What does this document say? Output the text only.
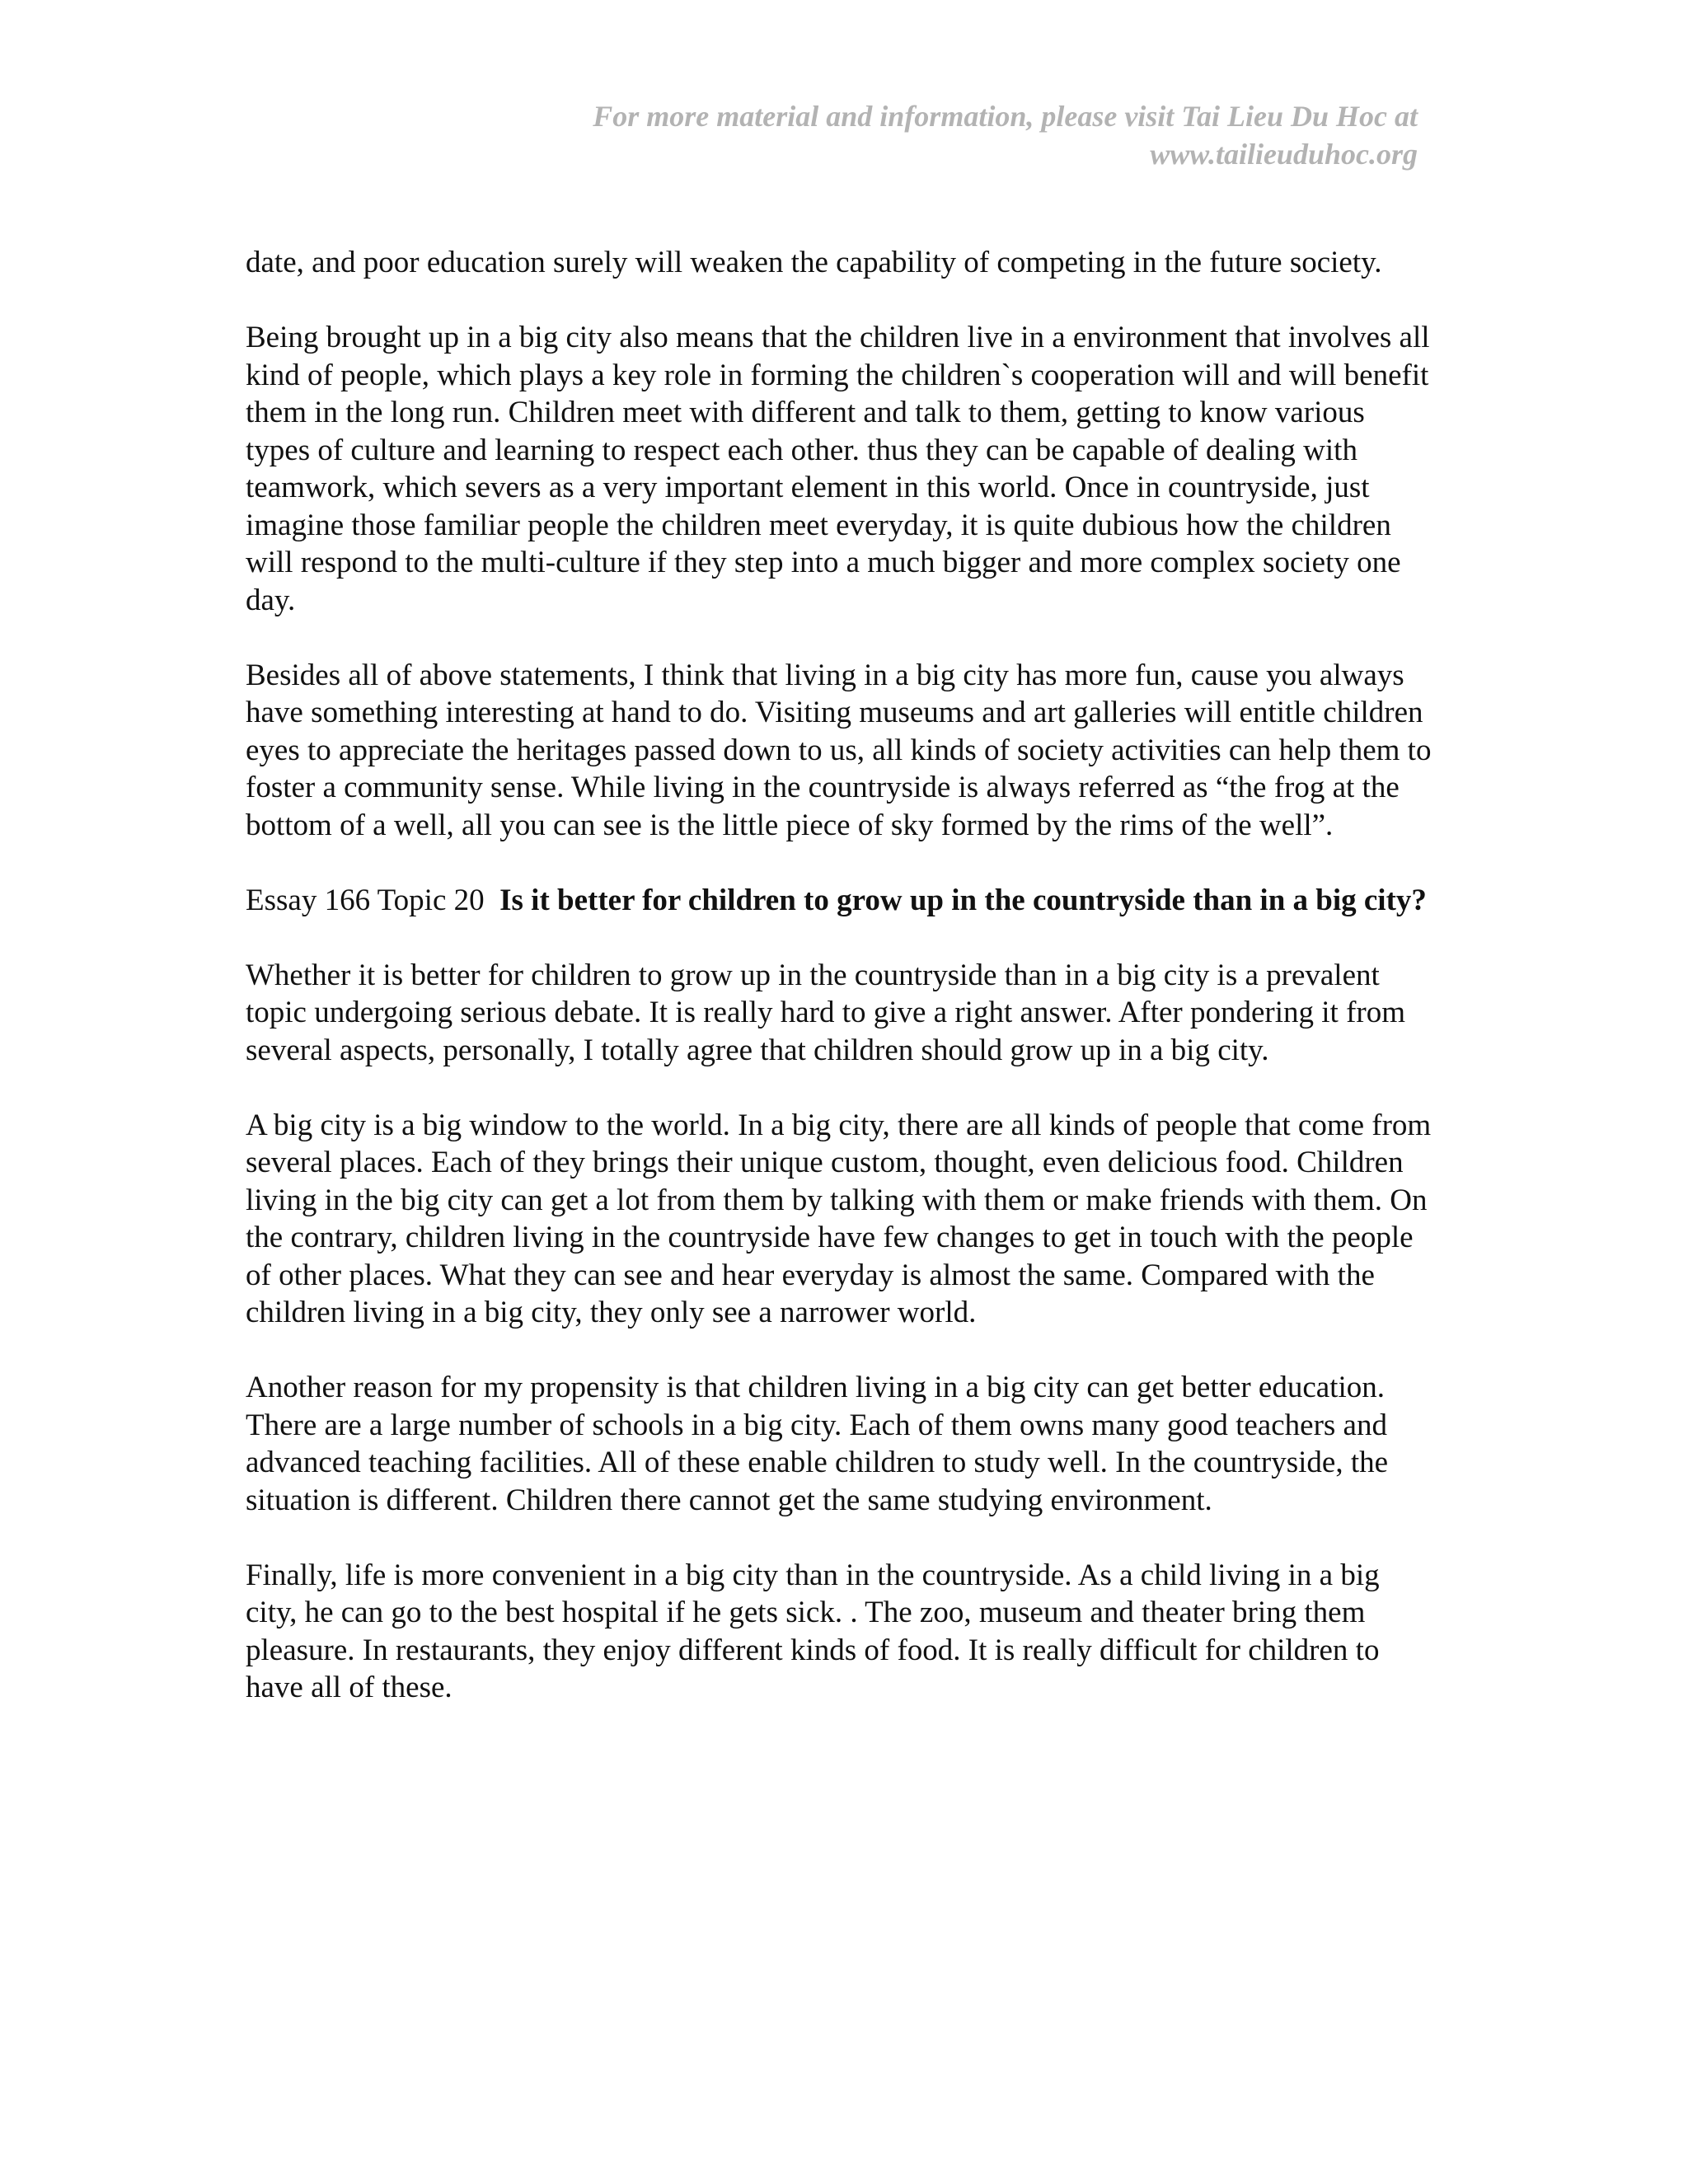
For more material and information, please visit Tai Lieu Du Hoc at
www.tailieuduhoc.org

date, and poor education surely will weaken the capability of competing in the future society.

Being brought up in a big city also means that the children live in a environment that involves all kind of people, which plays a key role in forming the children`s cooperation will and will benefit them in the long run. Children meet with different and talk to them, getting to know various types of culture and learning to respect each other. thus they can be capable of dealing with teamwork, which severs as a very important element in this world. Once in countryside, just imagine those familiar people the children meet everyday, it is quite dubious how the children will respond to the multi-culture if they step into a much bigger and more complex society one day.

Besides all of above statements, I think that living in a big city has more fun, cause you always have something interesting at hand to do. Visiting museums and art galleries will entitle children eyes to appreciate the heritages passed down to us, all kinds of society activities can help them to foster a community sense. While living in the countryside is always referred as “the frog at the bottom of a well, all you can see is the little piece of sky formed by the rims of the well”.

Essay 166 Topic 20 Is it better for children to grow up in the countryside than in a big city?

Whether it is better for children to grow up in the countryside than in a big city is a prevalent topic undergoing serious debate. It is really hard to give a right answer. After pondering it from several aspects, personally, I totally agree that children should grow up in a big city.

A big city is a big window to the world. In a big city, there are all kinds of people that come from several places. Each of they brings their unique custom, thought, even delicious food. Children living in the big city can get a lot from them by talking with them or make friends with them. On the contrary, children living in the countryside have few changes to get in touch with the people of other places. What they can see and hear everyday is almost the same. Compared with the children living in a big city, they only see a narrower world.

Another reason for my propensity is that children living in a big city can get better education. There are a large number of schools in a big city. Each of them owns many good teachers and advanced teaching facilities. All of these enable children to study well. In the countryside, the situation is different. Children there cannot get the same studying environment.

Finally, life is more convenient in a big city than in the countryside. As a child living in a big city, he can go to the best hospital if he gets sick. . The zoo, museum and theater bring them pleasure. In restaurants, they enjoy different kinds of food. It is really difficult for children to have all of these.
